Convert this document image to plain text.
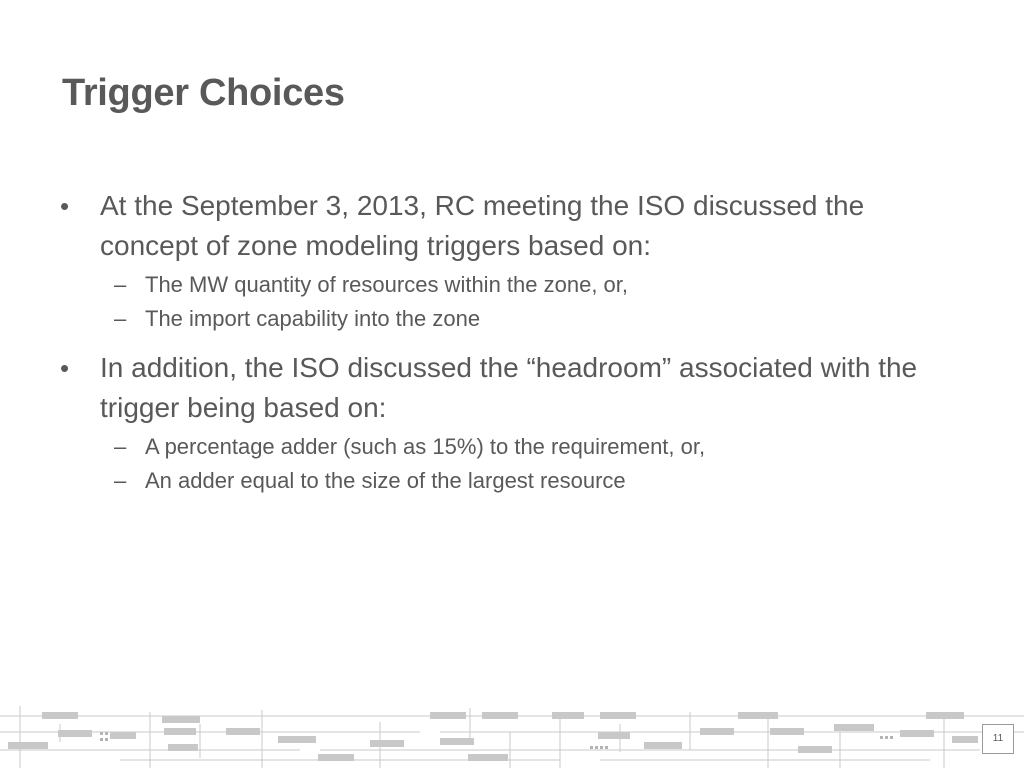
Trigger Choices
• At the September 3, 2013, RC meeting the ISO discussed the concept of zone modeling triggers based on:
– The MW quantity of resources within the zone, or,
– The import capability into the zone
• In addition, the ISO discussed the “headroom” associated with the trigger being based on:
– A percentage adder (such as 15%) to the requirement, or,
– An adder equal to the size of the largest resource
11
